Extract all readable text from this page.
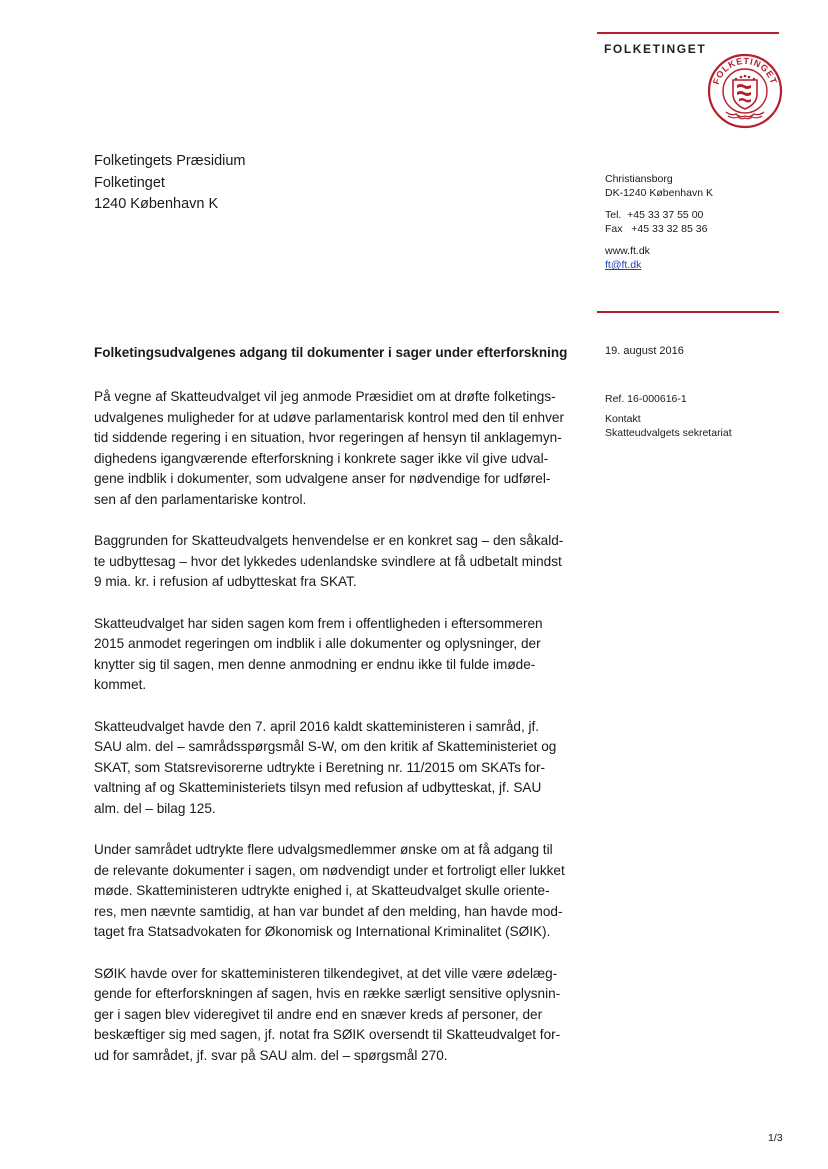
FOLKETINGET
FOLKETINGET
Folketingets Præsidium
Folketinget
1240 København K
Christiansborg
DK-1240 København K
Tel.  +45 33 37 55 00
Fax   +45 33 32 85 36
www.ft.dk
ft@ft.dk
Folketingsudvalgenes adgang til dokumenter i sager under efterforskning	19. august 2016
Ref. 16-000616-1
Kontakt
Skatteudvalgets sekretariat

På vegne af Skatteudvalget vil jeg anmode Præsidiet om at drøfte folketings-
udvalgenes muligheder for at udøve parlamentarisk kontrol med den til enhver
tid siddende regering i en situation, hvor regeringen af hensyn til anklagemyn-
dighedens igangværende efterforskning i konkrete sager ikke vil give udval-
gene indblik i dokumenter, som udvalgene anser for nødvendige for udførel-
sen af den parlamentariske kontrol.

Baggrunden for Skatteudvalgets henvendelse er en konkret sag – den såkald-
te udbyttesag – hvor det lykkedes udenlandske svindlere at få udbetalt mindst
9 mia. kr. i refusion af udbytteskat fra SKAT.

Skatteudvalget har siden sagen kom frem i offentligheden i eftersommeren
2015 anmodet regeringen om indblik i alle dokumenter og oplysninger, der
knytter sig til sagen, men denne anmodning er endnu ikke til fulde imøde-
kommet.

Skatteudvalget havde den 7. april 2016 kaldt skatteministeren i samråd, jf.
SAU alm. del – samrådsspørgsmål S-W, om den kritik af Skatteministeriet og
SKAT, som Statsrevisorerne udtrykte i Beretning nr. 11/2015 om SKATs for-
valtning af og Skatteministeriets tilsyn med refusion af udbytteskat, jf. SAU
alm. del – bilag 125.

Under samrådet udtrykte flere udvalgsmedlemmer ønske om at få adgang til
de relevante dokumenter i sagen, om nødvendigt under et fortroligt eller lukket
møde. Skatteministeren udtrykte enighed i, at Skatteudvalget skulle oriente-
res, men nævnte samtidig, at han var bundet af den melding, han havde mod-
taget fra Statsadvokaten for Økonomisk og International Kriminalitet (SØIK).

SØIK havde over for skatteministeren tilkendegivet, at det ville være ødelæg-
gende for efterforskningen af sagen, hvis en række særligt sensitive oplysnin-
ger i sagen blev videregivet til andre end en snæver kreds af personer, der
beskæftiger sig med sagen, jf. notat fra SØIK oversendt til Skatteudvalget for-
ud for samrådet, jf. svar på SAU alm. del – spørgsmål 270.

1/3
